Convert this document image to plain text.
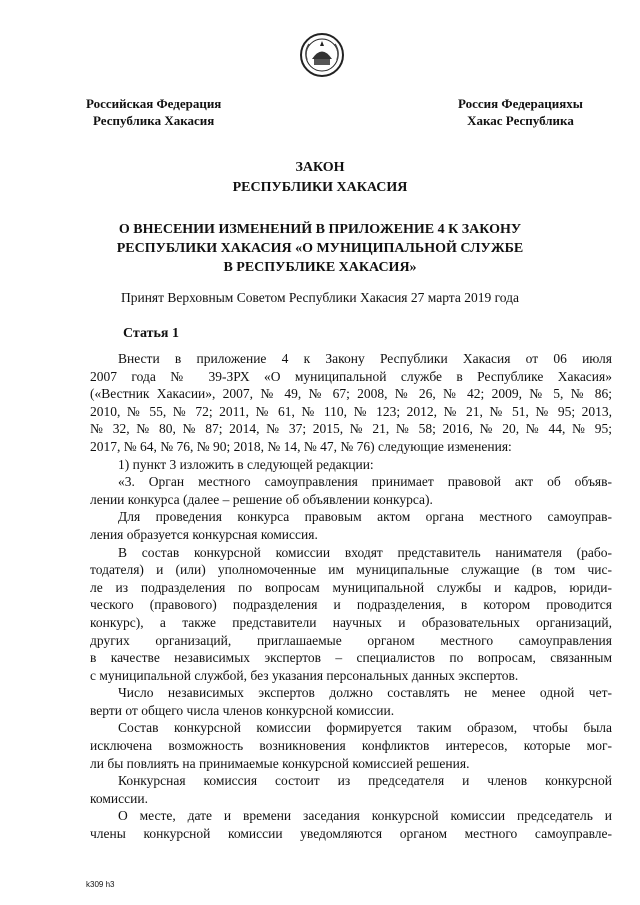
Российская Федерация
Республика Хакасия
Россия Федерацияхы
Хакас Республика
ЗАКОН
РЕСПУБЛИКИ ХАКАСИЯ
О ВНЕСЕНИИ ИЗМЕНЕНИЙ В ПРИЛОЖЕНИЕ 4 К ЗАКОНУ
РЕСПУБЛИКИ ХАКАСИЯ «О МУНИЦИПАЛЬНОЙ СЛУЖБЕ
В РЕСПУБЛИКЕ ХАКАСИЯ»
Принят Верховным Советом Республики Хакасия 27 марта 2019 года
Статья 1

Внести в приложение 4 к Закону Республики Хакасия от 06 июля

2007 года № 39-ЗРХ «О муниципальной службе в Республике Хакасия»

(«Вестник Хакасии», 2007, № 49, № 67; 2008, № 26, № 42; 2009, № 5, № 86;

2010, № 55, № 72; 2011, № 61, № 110, № 123; 2012, № 21, № 51, № 95; 2013,

№ 32, № 80, № 87; 2014, № 37; 2015, № 21, № 58; 2016, № 20, № 44, № 95;

2017, № 64, № 76, № 90; 2018, № 14, № 47, № 76) следующие изменения:

1) пункт 3 изложить в следующей редакции:

«3. Орган местного самоуправления принимает правовой акт об объяв-

лении конкурса (далее – решение об объявлении конкурса).

Для проведения конкурса правовым актом органа местного самоуправ-

ления образуется конкурсная комиссия.

В состав конкурсной комиссии входят представитель нанимателя (рабо-

тодателя) и (или) уполномоченные им муниципальные служащие (в том чис-

ле из подразделения по вопросам муниципальной службы и кадров, юриди-

ческого (правового) подразделения и подразделения, в котором проводится

конкурс), а также представители научных и образовательных организаций,

других организаций, приглашаемые органом местного самоуправления

в качестве независимых экспертов – специалистов по вопросам, связанным

с муниципальной службой, без указания персональных данных экспертов.

Число независимых экспертов должно составлять не менее одной чет-

верти от общего числа членов конкурсной комиссии.

Состав конкурсной комиссии формируется таким образом, чтобы была

исключена возможность возникновения конфликтов интересов, которые мог-

ли бы повлиять на принимаемые конкурсной комиссией решения.

Конкурсная комиссия состоит из председателя и членов конкурсной

комиссии.

О месте, дате и времени заседания конкурсной комиссии председатель и

члены конкурсной комиссии уведомляются органом местного самоуправле-

k309 h3
